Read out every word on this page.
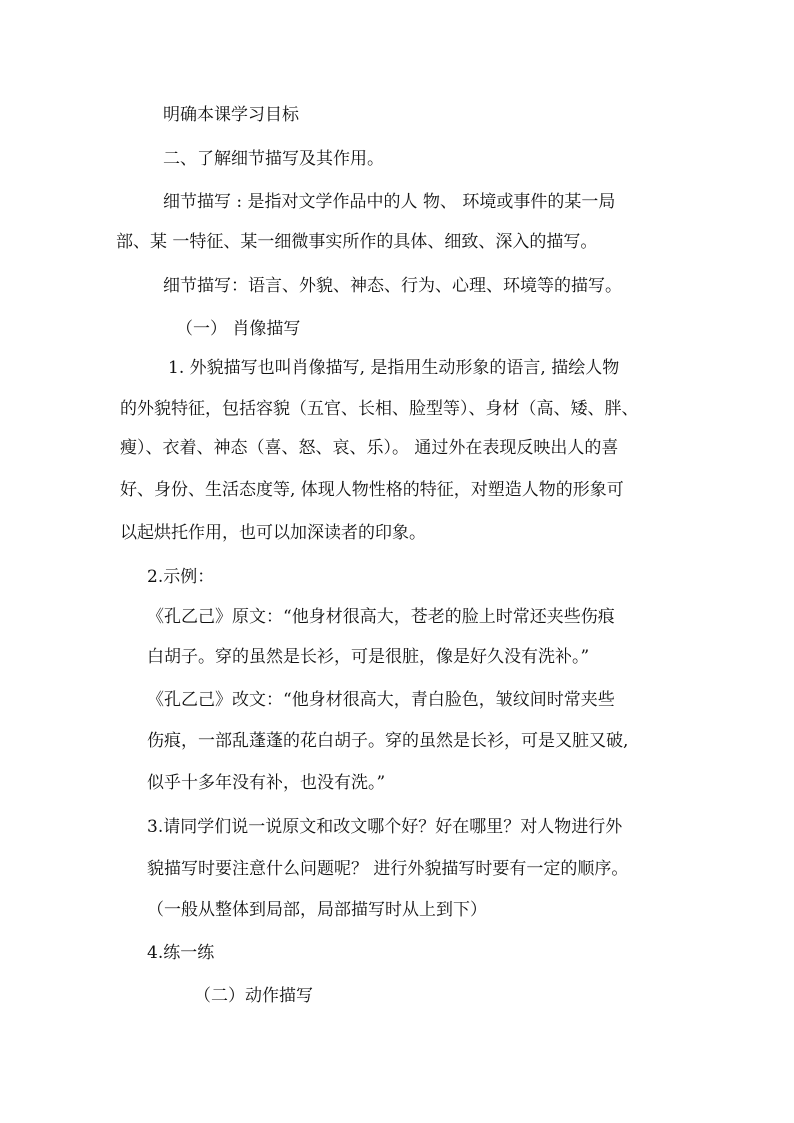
明确本课学习目标

二、了解细节描写及其作用。

细节描写 : 是指对文学作品中的人 物、 环境或事件的某一局

部、某 一特征、某一细微事实所作的具体、细致、深入的描写。

细节描写：语言、外貌、神态、行为、心理、环境等的描写。

（一） 肖像描写

1. 外貌描写也叫肖像描写, 是指用生动形象的语言, 描绘人物

的外貌特征，包括容貌（五官、长相、脸型等）、身材（高、矮、胖、

瘦）、衣着、神态（喜、怒、哀、乐）。 通过外在表现反映出人的喜

好、身份、生活态度等, 体现人物性格的特征，对塑造人物的形象可

以起烘托作用，也可以加深读者的印象。

2.示例：

《孔乙己》原文：“他身材很高大，苍老的脸上时常还夹些伤痕

白胡子。穿的虽然是长衫，可是很脏，像是好久没有洗补。”

《孔乙己》改文：“他身材很高大，青白脸色，皱纹间时常夹些

伤痕，一部乱蓬蓬的花白胡子。穿的虽然是长衫，可是又脏又破,

似乎十多年没有补，也没有洗。”

3.请同学们说一说原文和改文哪个好？好在哪里？对人物进行外

貌描写时要注意什么问题呢？ 进行外貌描写时要有一定的顺序。

（一般从整体到局部，局部描写时从上到下）

4.练一练

（二）动作描写
